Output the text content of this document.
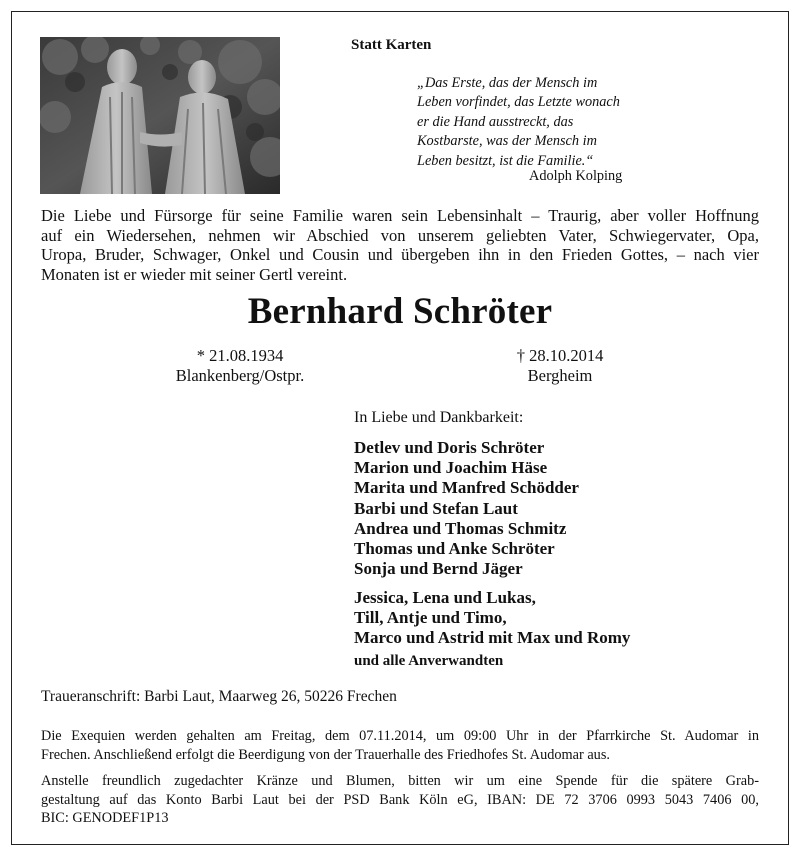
Statt Karten
„Das Erste, das der Mensch im
Leben vorfindet, das Letzte wonach
er die Hand ausstreckt, das
Kostbarste, was der Mensch im
Leben besitzt, ist die Familie.“
Adolph Kolping
Die Liebe und Fürsorge für seine Familie waren sein Lebensinhalt – Traurig, aber voller Hoffnung
auf ein Wiedersehen, nehmen wir Abschied von unserem geliebten Vater, Schwiegervater, Opa,
Uropa, Bruder, Schwager, Onkel und Cousin und übergeben ihn in den Frieden Gottes, – nach vier
Monaten ist er wieder mit seiner Gertl vereint.
Bernhard Schröter
* 21.08.1934
Blankenberg/Ostpr.
† 28.10.2014
Bergheim
In Liebe und Dankbarkeit:
Detlev und Doris Schröter
Marion und Joachim Häse
Marita und Manfred Schödder
Barbi und Stefan Laut
Andrea und Thomas Schmitz
Thomas und Anke Schröter
Sonja und Bernd Jäger
Jessica, Lena und Lukas,
Till, Antje und Timo,
Marco und Astrid mit Max und Romy
und alle Anverwandten
Traueranschrift: Barbi Laut, Maarweg 26, 50226 Frechen
Die Exequien werden gehalten am Freitag, dem 07.11.2014, um 09:00 Uhr in der Pfarrkirche St. Audomar in
Frechen. Anschließend erfolgt die Beerdigung von der Trauerhalle des Friedhofes St. Audomar aus.
Anstelle freundlich zugedachter Kränze und Blumen, bitten wir um eine Spende für die spätere Grab-
gestaltung auf das Konto Barbi Laut bei der PSD Bank Köln eG, IBAN: DE 72 3706 0993 5043 7406 00,
BIC: GENODEF1P13
